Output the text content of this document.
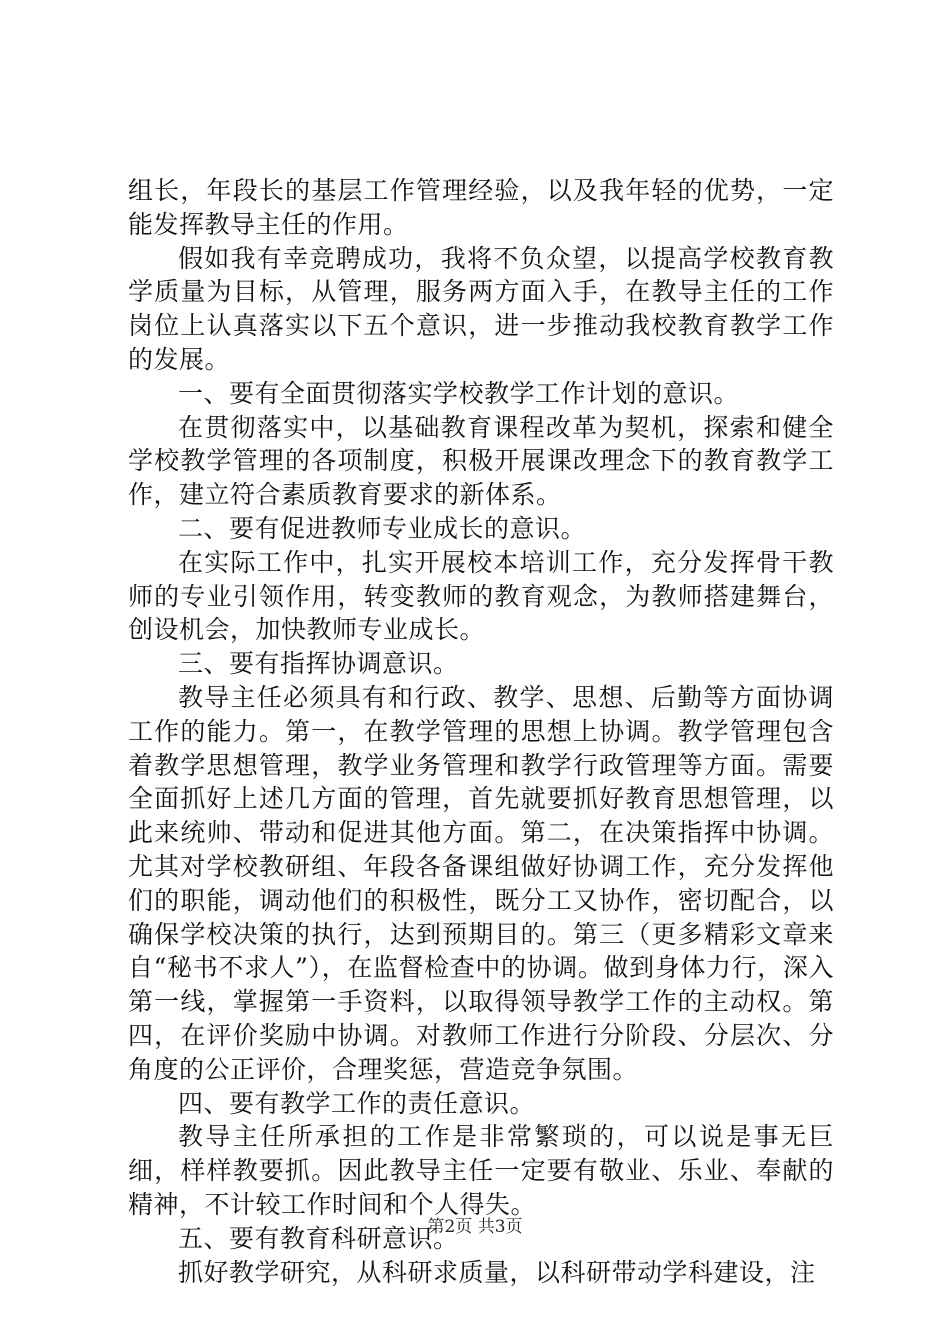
组长，年段长的基层工作管理经验，以及我年轻的优势，一定能发挥教导主任的作用。

假如我有幸竞聘成功，我将不负众望，以提高学校教育教学质量为目标，从管理，服务两方面入手，在教导主任的工作岗位上认真落实以下五个意识，进一步推动我校教育教学工作的发展。

一、要有全面贯彻落实学校教学工作计划的意识。

在贯彻落实中，以基础教育课程改革为契机，探索和健全学校教学管理的各项制度，积极开展课改理念下的教育教学工作，建立符合素质教育要求的新体系。

二、要有促进教师专业成长的意识。

在实际工作中，扎实开展校本培训工作，充分发挥骨干教师的专业引领作用，转变教师的教育观念，为教师搭建舞台，创设机会，加快教师专业成长。

三、要有指挥协调意识。

教导主任必须具有和行政、教学、思想、后勤等方面协调工作的能力。第一，在教学管理的思想上协调。教学管理包含着教学思想管理，教学业务管理和教学行政管理等方面。需要全面抓好上述几方面的管理，首先就要抓好教育思想管理，以此来统帅、带动和促进其他方面。第二，在决策指挥中协调。尤其对学校教研组、年段各备课组做好协调工作，充分发挥他们的职能，调动他们的积极性，既分工又协作，密切配合，以确保学校决策的执行，达到预期目的。第三（更多精彩文章来自“秘书不求人”），在监督检查中的协调。做到身体力行，深入第一线，掌握第一手资料，以取得领导教学工作的主动权。第四，在评价奖励中协调。对教师工作进行分阶段、分层次、分角度的公正评价，合理奖惩，营造竞争氛围。

四、要有教学工作的责任意识。

教导主任所承担的工作是非常繁琐的，可以说是事无巨细，样样教要抓。因此教导主任一定要有敬业、乐业、奉献的精神，不计较工作时间和个人得失。

五、要有教育科研意识。

抓好教学研究，从科研求质量，以科研带动学科建设，注

第2页 共3页
